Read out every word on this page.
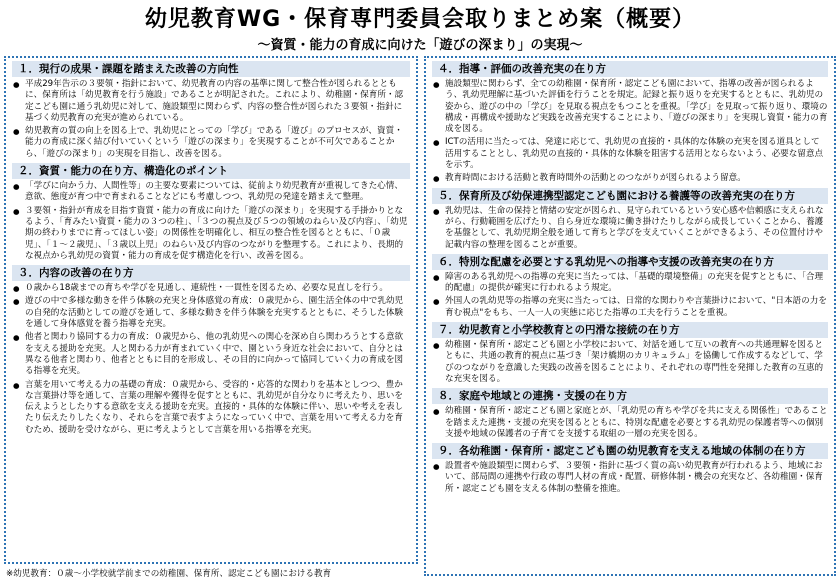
幼児教育WG・保育専門委員会取りまとめ案（概要）
～資質・能力の育成に向けた「遊びの深まり」の実現～
１．現行の成果・課題を踏まえた改善の方向性
● 平成29年告示の３要領・指針において、幼児教育の内容の基準に関して整合性が図られるとともに、保育所は「幼児教育を行う施設」であることが明記された。これにより、幼稚園・保育所・認定こども園に通う乳幼児に対して、施設類型に関わらず、内容の整合性が図られた３要領・指針に基づく幼児教育の充実が進められている。
● 幼児教育の質の向上を図る上で、乳幼児にとっての「学び」である「遊び」のプロセスが、資質・能力の育成に深く結び付いていくという「遊びの深まり」を実現することが不可欠であることから、「遊びの深まり」の実現を目指し、改善を図る。
２．資質・能力の在り方、構造化のポイント
● 「学びに向かう力、人間性等」の主要な要素については、従前より幼児教育が重視してきた心情、意欲、態度が育つ中で育まれることなどにも考慮しつつ、乳幼児の発達を踏まえて整理。
● ３要領・指針が育成を目指す資質・能力の育成に向けた「遊びの深まり」を実現する手掛かりとなるよう、「育みたい資質・能力の３つの柱」、「３つの視点及び５つの領域のねらい及び内容」、「幼児期の終わりまでに育ってほしい姿」の関係性を明確化し、相互の整合性を図るとともに、「０歳児」、「１～２歳児」、「３歳以上児」のねらい及び内容のつながりを整理する。これにより、長期的な視点から乳幼児の資質・能力の育成を促す構造化を行い、改善を図る。
３．内容の改善の在り方
● ０歳から18歳までの育ちや学びを見通し、連続性・一貫性を図るため、必要な見直しを行う。
● 遊びの中で多様な動きを伴う体験の充実と身体感覚の育成：０歳児から、園生活全体の中で乳幼児の自発的な活動としての遊びを通して、多様な動きを伴う体験を充実するとともに、そうした体験を通して身体感覚を養う指導を充実。
● 他者と関わり協同する力の育成：０歳児から、他の乳幼児への関心を深め自ら関わろうとする意欲を支える援助を充実。人と関わる力が育まれていく中で、園という身近な社会において、自分とは異なる他者と関わり、他者とともに目的を形成し、その目的に向かって協同していく力の育成を図る指導を充実。
● 言葉を用いて考える力の基礎の育成：０歳児から、受容的・応答的な関わりを基本としつつ、豊かな言葉掛け等を通して、言葉の理解や獲得を促すとともに、乳幼児が自分なりに考えたり、思いを伝えようとしたりする意欲を支える援助を充実。直接的・具体的な体験に伴い、思いや考えを表したり伝えたりしたくなり、それらを言葉で表すようになっていく中で、言葉を用いて考える力を育むため、援助を受けながら、更に考えようとして言葉を用いる指導を充実。
４．指導・評価の改善充実の在り方
● 施設類型に関わらず、全ての幼稚園・保育所・認定こども園において、指導の改善が図られるよう、乳幼児理解に基づいた評価を行うことを規定。記録と振り返りを充実するとともに、乳幼児の姿から、遊びの中の「学び」を見取る視点をもつことを重視。「学び」を見取って振り返り、環境の構成・再構成や援助など実践を改善充実することにより、「遊びの深まり」を実現し資質・能力の育成を図る。
● ICTの活用に当たっては、発達に応じて、乳幼児の直接的・具体的な体験の充実を図る道具として活用することとし、乳幼児の直接的・具体的な体験を阻害する活用とならないよう、必要な留意点を示す。
● 教育時間における活動と教育時間外の活動とのつながりが図られるよう留意。
５．保育所及び幼保連携型認定こども園における養護等の改善充実の在り方
● 乳幼児は、生命の保持と情緒の安定が図られ、見守られているという安心感や信頼感に支えられながら、行動範囲を広げたり、自ら身近な環境に働き掛けたりしながら成長していくことから、養護を基盤として、乳幼児期全般を通して育ちと学びを支えていくことができるよう、その位置付けや記載内容の整理を図ることが重要。
６．特別な配慮を必要とする乳幼児への指導や支援の改善充実の在り方
● 障害のある乳幼児への指導の充実に当たっては、「基礎的環境整備」の充実を促すとともに、「合理的配慮」の提供が確実に行われるよう規定。
● 外国人の乳幼児等の指導の充実に当たっては、日常的な関わりや言葉掛けにおいて、"日本語の力を育む視点"をもち、一人一人の実態に応じた指導の工夫を行うことを重視。
７．幼児教育と小学校教育との円滑な接続の在り方
● 幼稚園・保育所・認定こども園と小学校において、対話を通して互いの教育への共通理解を図るとともに、共通の教育的視点に基づき「架け橋期のカリキュラム」を協働して作成するなどして、学びのつながりを意識した実践の改善を図ることにより、それぞれの専門性を発揮した教育の互恵的な充実を図る。
８．家庭や地域との連携・支援の在り方
● 幼稚園・保育所・認定こども園と家庭とが、「乳幼児の育ちや学びを共に支える関係性」であることを踏まえた連携・支援の充実を図るとともに、特別な配慮を必要とする乳幼児の保護者等への個別支援や地域の保護者の子育てを支援する取組の一層の充実を図る。
９．各幼稚園・保育所・認定こども園の幼児教育を支える地域の体制の在り方
● 設置者や施設類型に関わらず、３要領・指針に基づく質の高い幼児教育が行われるよう、地域において、部局間の連携や行政の専門人材の育成・配置、研修体制・機会の充実など、各幼稚園・保育所・認定こども園を支える体制の整備を推進。
※幼児教育：０歳～小学校就学前までの幼稚園、保育所、認定こども園における教育
